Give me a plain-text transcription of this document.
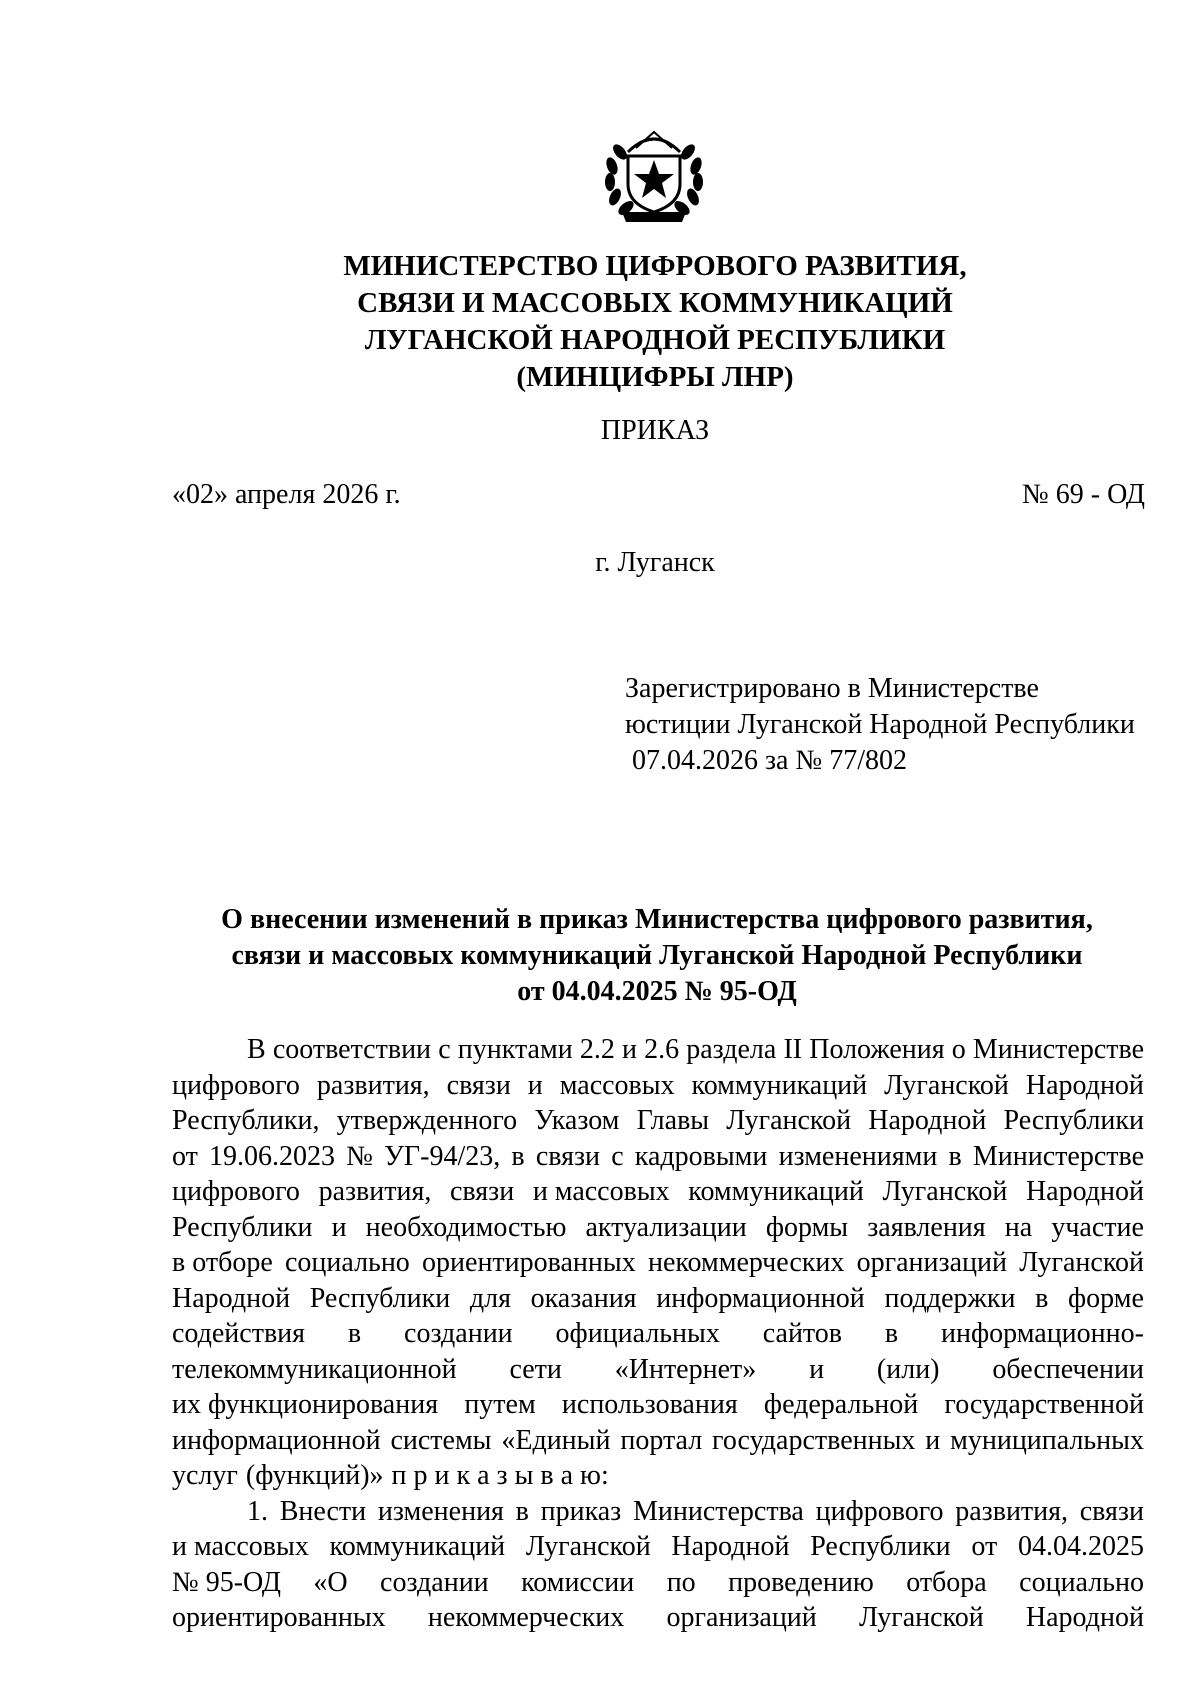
МИНИСТЕРСТВО ЦИФРОВОГО РАЗВИТИЯ,
СВЯЗИ И МАССОВЫХ КОММУНИКАЦИЙ
ЛУГАНСКОЙ НАРОДНОЙ РЕСПУБЛИКИ
(МИНЦИФРЫ ЛНР)
ПРИКАЗ
«02» апреля 2026 г.	№ 69 - ОД
г. Луганск
Зарегистрировано в Министерстве
юстиции Луганской Народной Республики
07.04.2026 за № 77/802
О внесении изменений в приказ Министерства цифрового развития,
связи и массовых коммуникаций Луганской Народной Республики
от 04.04.2025 № 95-ОД
В соответствии с пунктами 2.2 и 2.6 раздела II Положения о Министерстве
цифрового развития, связи и массовых коммуникаций Луганской Народной
Республики, утвержденного Указом Главы Луганской Народной Республики
от 19.06.2023 № УГ-94/23, в связи с кадровыми изменениями в Министерстве
цифрового развития, связи и массовых коммуникаций Луганской Народной
Республики и необходимостью актуализации формы заявления на участие
в отборе социально ориентированных некоммерческих организаций Луганской
Народной Республики для оказания информационной поддержки в форме
содействия в создании официальных сайтов в информационно-
телекоммуникационной сети «Интернет» и (или) обеспечении
их функционирования путем использования федеральной государственной
информационной системы «Единый портал государственных и муниципальных
услуг (функций)» п р и к а з ы в а ю:
1. Внести изменения в приказ Министерства цифрового развития, связи
и массовых коммуникаций Луганской Народной Республики от 04.04.2025
№ 95-ОД «О создании комиссии по проведению отбора социально
ориентированных некоммерческих организаций Луганской Народной
